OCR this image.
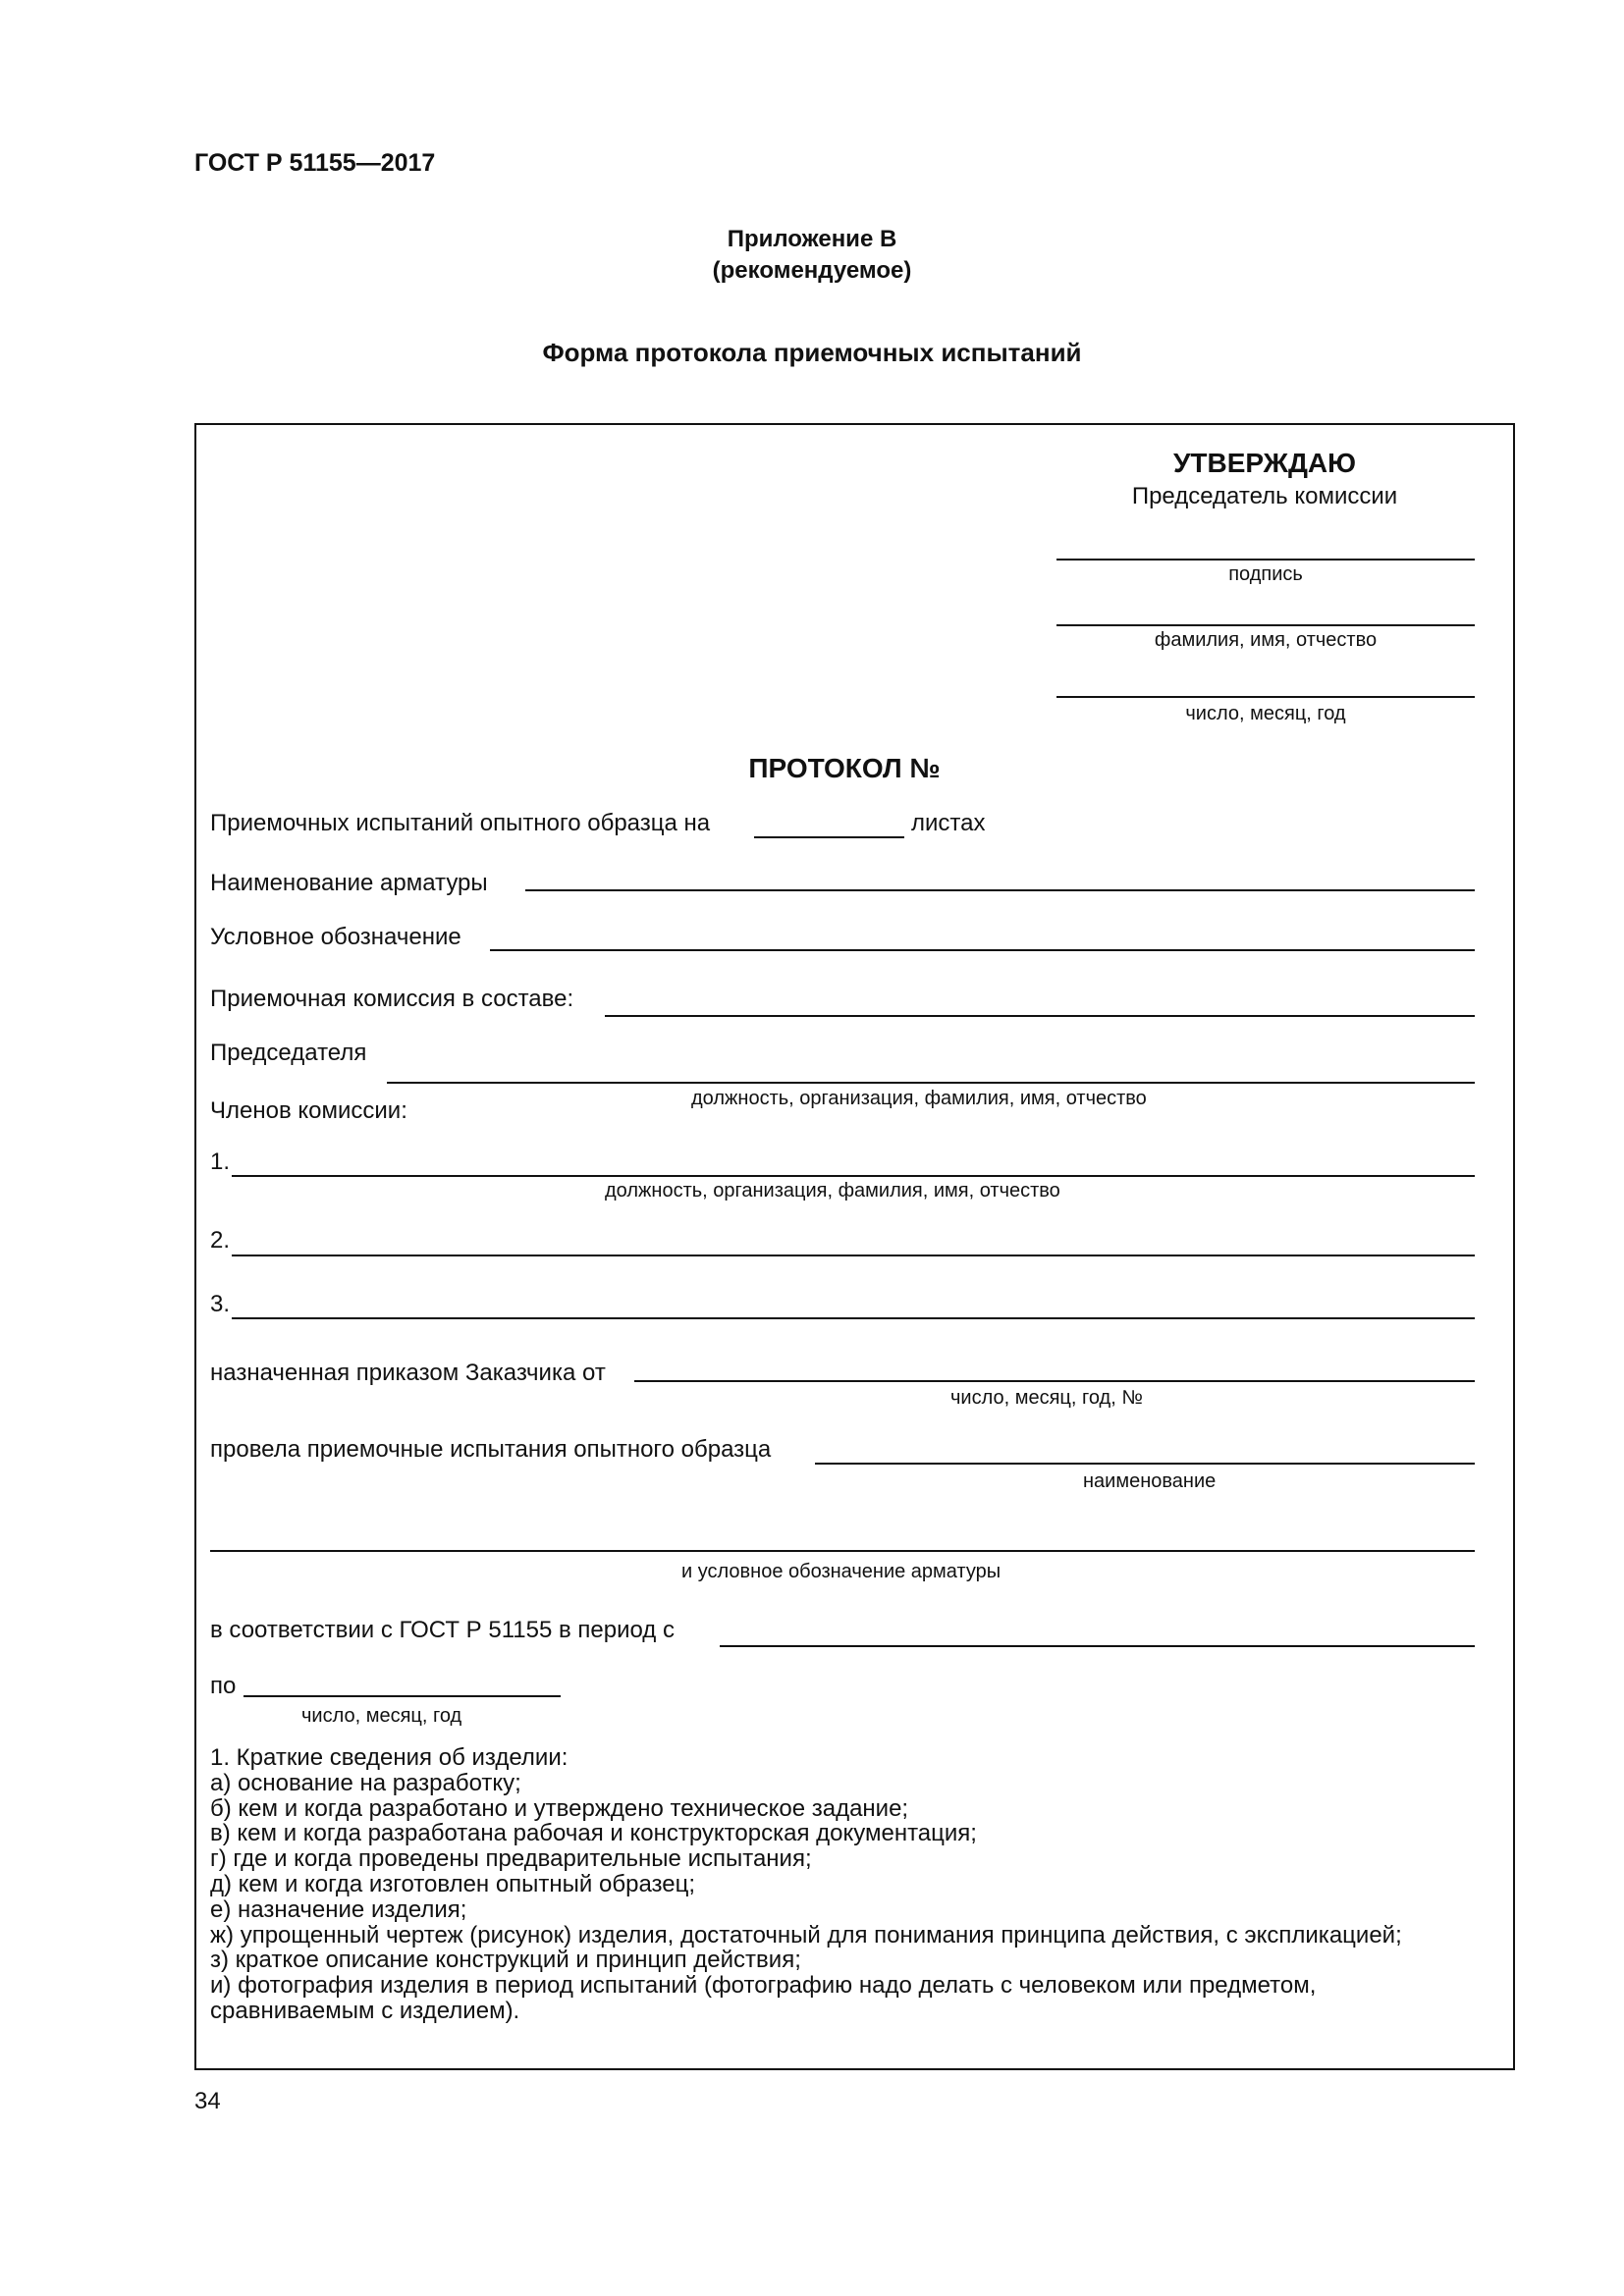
ГОСТ Р 51155—2017
Приложение В
(рекомендуемое)
Форма протокола приемочных испытаний
УТВЕРЖДАЮ
Председатель комиссии
подпись
фамилия, имя, отчество
число, месяц, год
ПРОТОКОЛ №
Приемочных испытаний опытного образца на	листах
Наименование арматуры
Условное обозначение
Приемочная комиссия в составе:
Председателя
должность, организация, фамилия, имя, отчество
Членов комиссии:
1.
должность, организация, фамилия, имя, отчество
2.
3.
назначенная приказом Заказчика от
число, месяц, год, №
провела приемочные испытания опытного образца
наименование
и условное обозначение арматуры
в соответствии с ГОСТ Р 51155 в период с
по
число, месяц, год
1. Краткие сведения об изделии:
а) основание на разработку;
б) кем и когда разработано и утверждено техническое задание;
в) кем и когда разработана рабочая и конструкторская документация;
г) где и когда проведены предварительные испытания;
д) кем и когда изготовлен опытный образец;
е) назначение изделия;
ж) упрощенный чертеж (рисунок) изделия, достаточный для понимания принципа действия, с экспликацией;
з) краткое описание конструкций и принцип действия;
и) фотография изделия в период испытаний (фотографию надо делать с человеком или предметом,
сравниваемым с изделием).
34
